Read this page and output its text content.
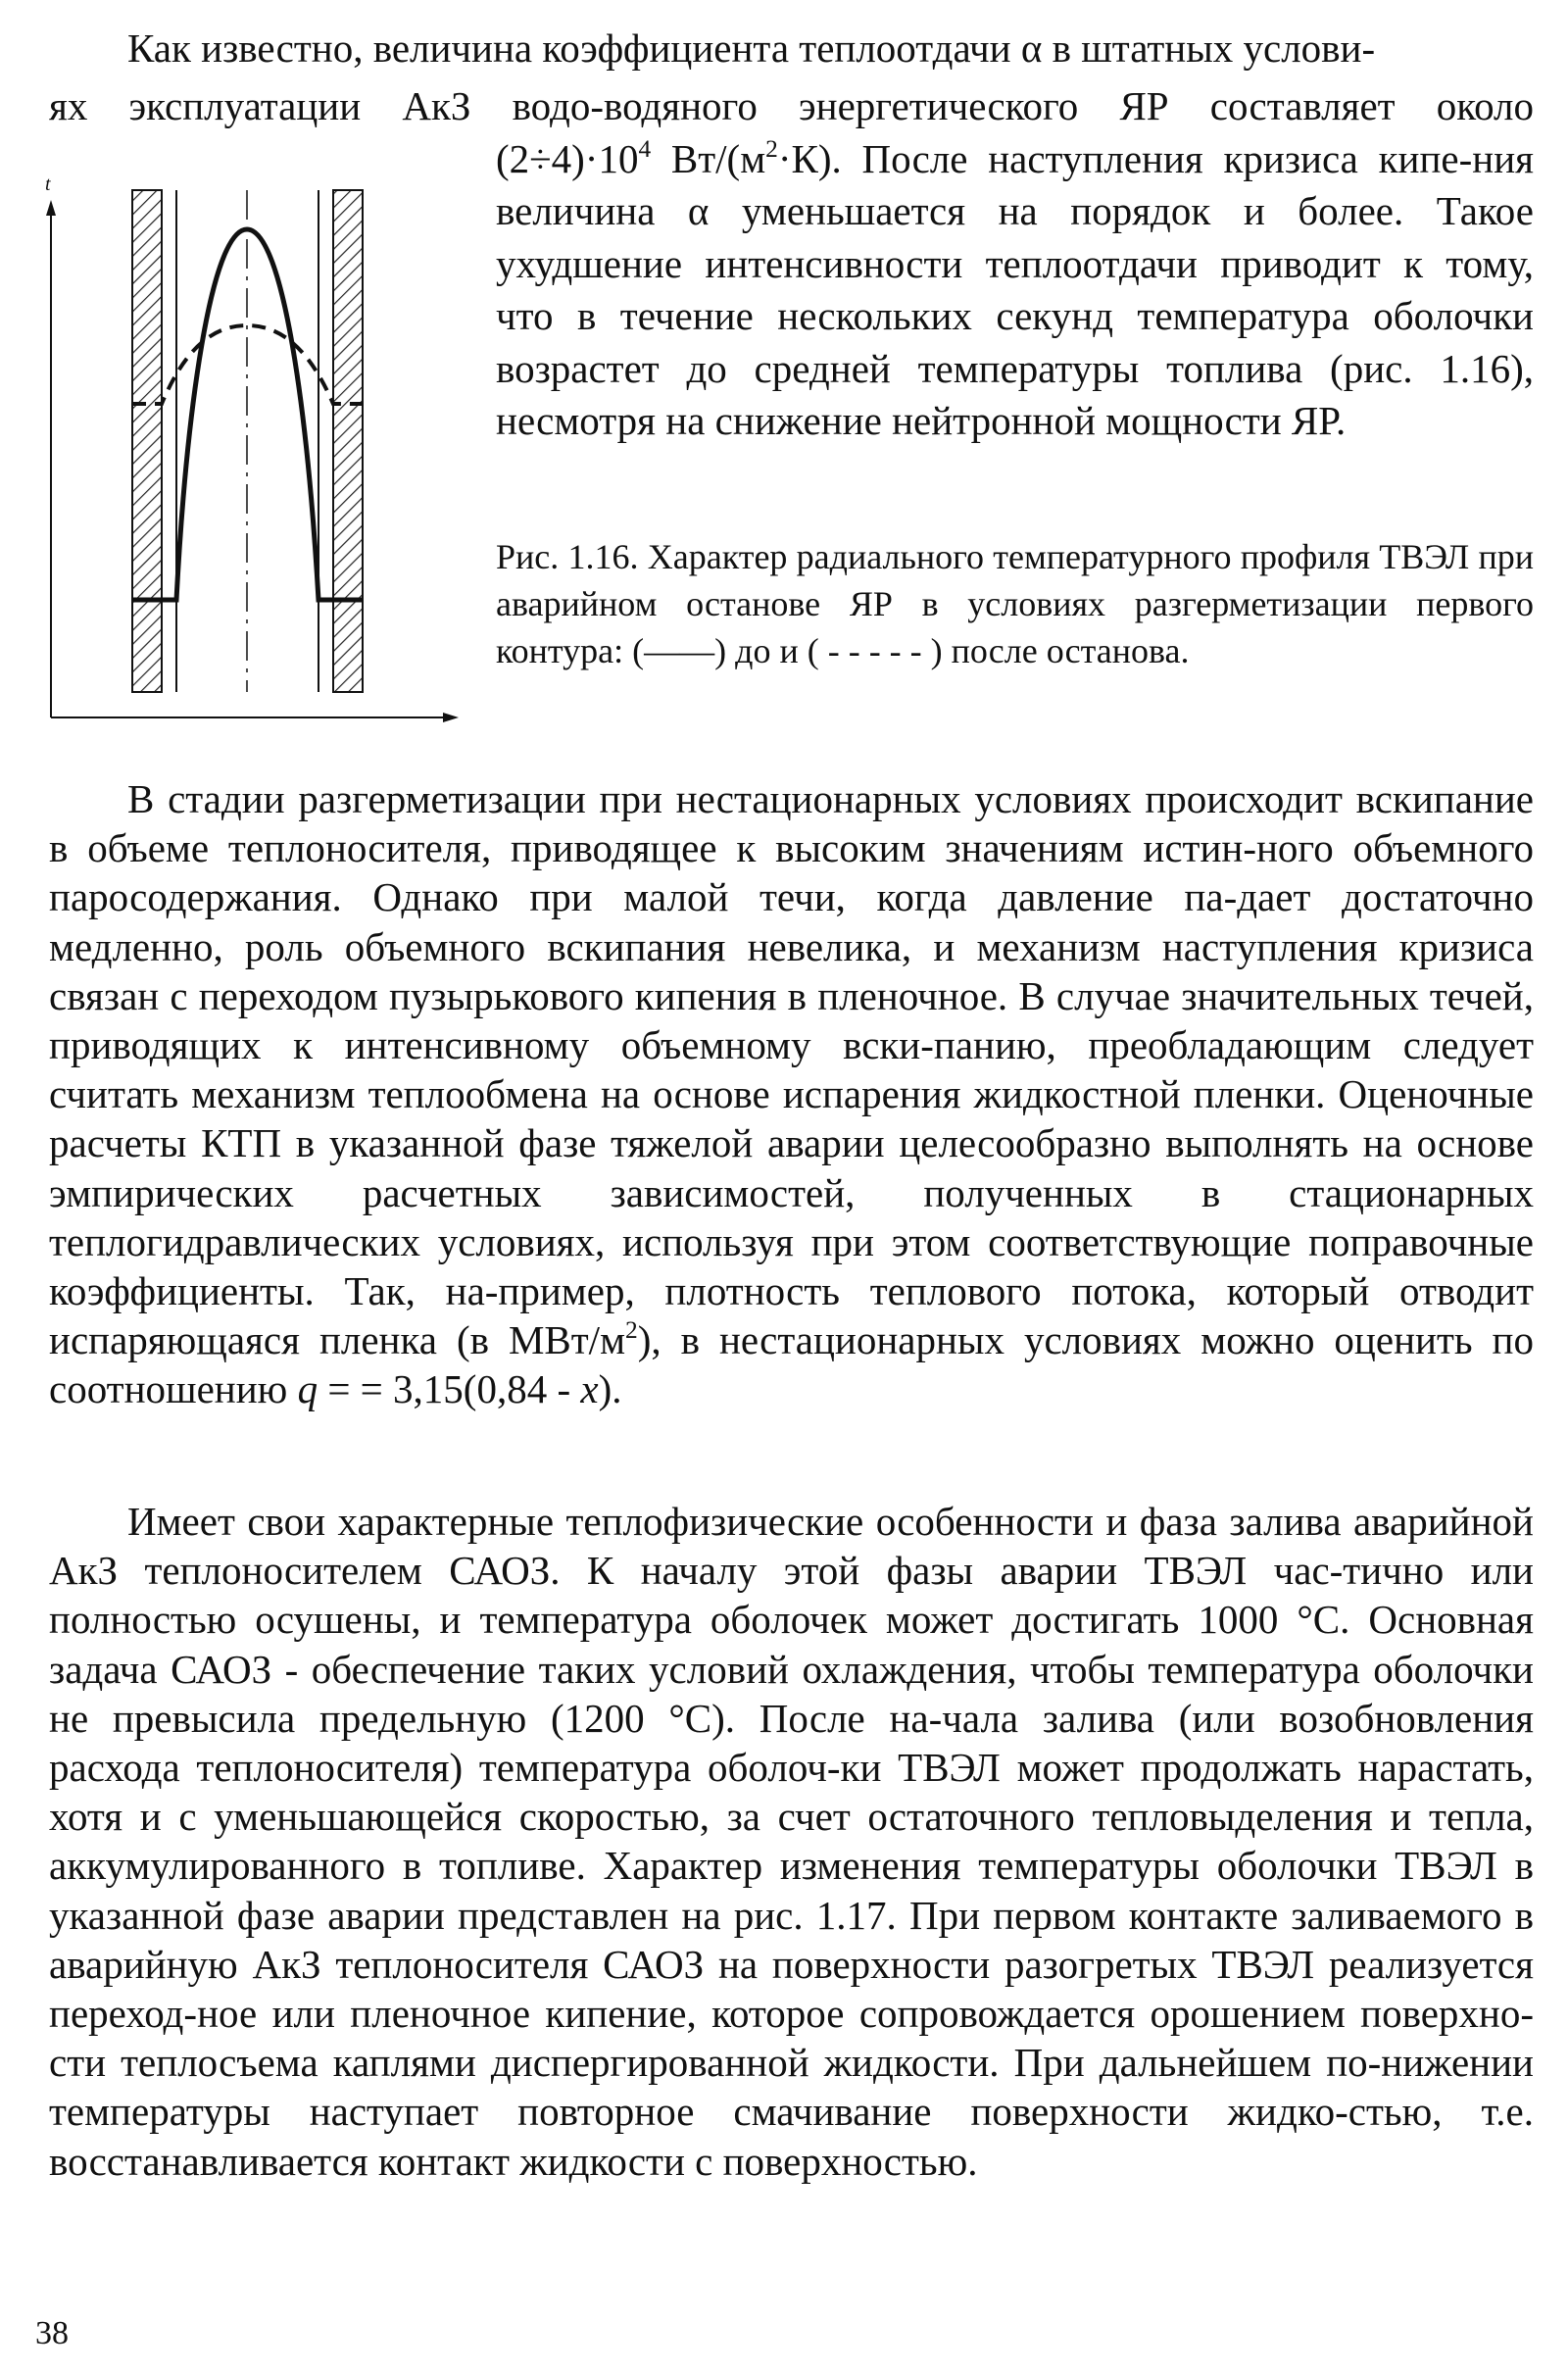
Как известно, величина коэффициента теплоотдачи α в штатных услови-

ях эксплуатации АкЗ водо-водяного энергетического ЯР составляет около

$(2\div 4)\cdot 10^4$ $Вт/(м^2\cdot К)$. После наступления кризиса кипе-ния величина α уменьшается на порядок и более. Такое ухудшение интенсивности теплоотдачи приводит к тому, что в течение нескольких секунд температура оболочки возрастет до средней температуры топлива (рис. 1.16), несмотря на снижение нейтронной мощности ЯР.

t

Рис. 1.16. Характер радиального температурного профиля ТВЭЛ при аварийном останове ЯР в условиях разгерметизации первого контура: (——) до и ( - - - - - ) после останова.

В стадии разгерметизации при нестационарных условиях происходит вскипание в объеме теплоносителя, приводящее к высоким значениям истин-ного объемного паросодержания. Однако при малой течи, когда давление па-дает достаточно медленно, роль объемного вскипания невелика, и механизм наступления кризиса связан с переходом пузырькового кипения в пленочное. В случае значительных течей, приводящих к интенсивному объемному вски-панию, преобладающим следует считать механизм теплообмена на основе испарения жидкостной пленки. Оценочные расчеты КТП в указанной фазе тяжелой аварии целесообразно выполнять на основе эмпирических расчетных зависимостей, полученных в стационарных теплогидравлических условиях, используя при этом соответствующие поправочные коэффициенты. Так, на-пример, плотность теплового потока, который отводит испаряющаяся пленка (в МВт/$м^2$), в нестационарных условиях можно оценить по соотношению q = = 3,15(0,84 - x).

Имеет свои характерные теплофизические особенности и фаза залива аварийной АкЗ теплоносителем САОЗ. К началу этой фазы аварии ТВЭЛ час-тично или полностью осушены, и температура оболочек может достигать 1000 °С. Основная задача САОЗ - обеспечение таких условий охлаждения, чтобы температура оболочки не превысила предельную (1200 °С). После на-чала залива (или возобновления расхода теплоносителя) температура оболоч-ки ТВЭЛ может продолжать нарастать, хотя и с уменьшающейся скоростью, за счет остаточного тепловыделения и тепла, аккумулированного в топливе. Характер изменения температуры оболочки ТВЭЛ в указанной фазе аварии представлен на рис. 1.17. При первом контакте заливаемого в аварийную АкЗ теплоносителя САОЗ на поверхности разогретых ТВЭЛ реализуется переход-ное или пленочное кипение, которое сопровождается орошением поверхно-сти теплосъема каплями диспергированной жидкости. При дальнейшем по-нижении температуры наступает повторное смачивание поверхности жидко-стью, т.е. восстанавливается контакт жидкости с поверхностью.

38
